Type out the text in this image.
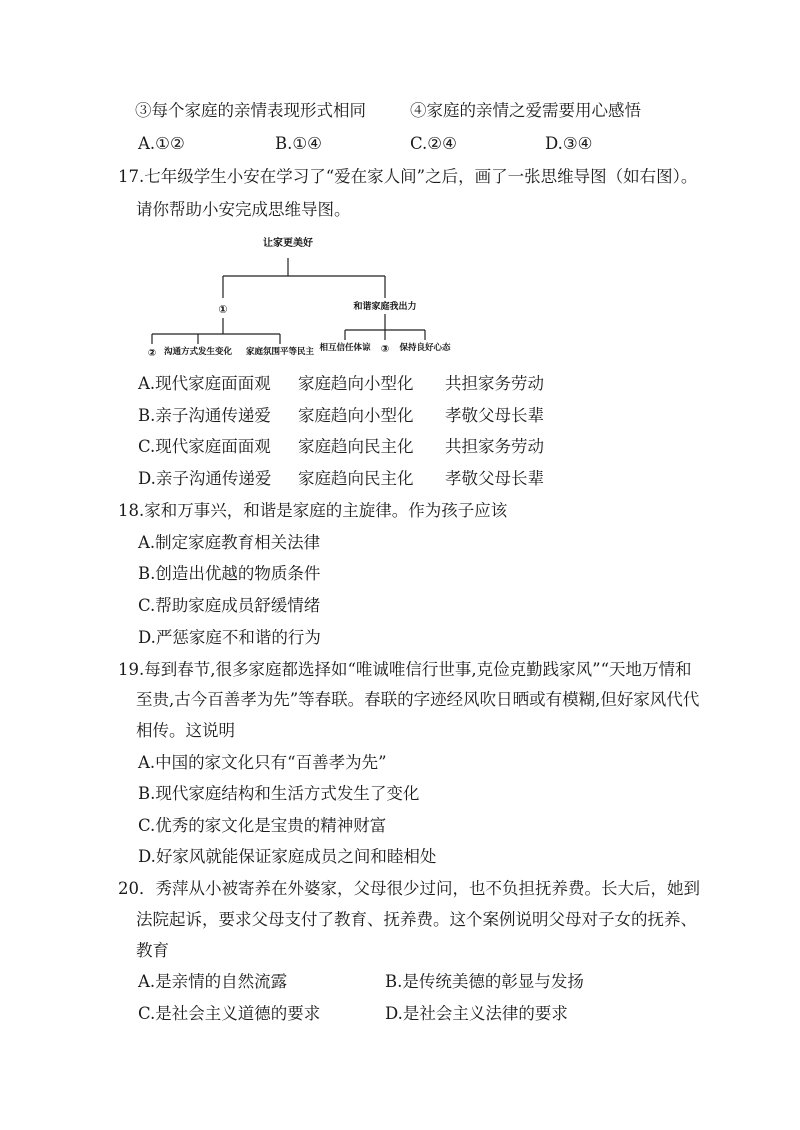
③每个家庭的亲情表现形式相同	④家庭的亲情之爱需要用心感悟
A.①②	B.①④	C.②④	D.③④
17.七年级学生小安在学习了“爱在家人间”之后，画了一张思维导图（如右图）。
请你帮助小安完成思维导图。
让家更美好
①	和谐家庭我出力
② 沟通方式发生变化 家庭氛围平等民主 相互信任体谅 ③ 保持良好心态
A.现代家庭面面观 家庭趋向小型化 共担家务劳动
B.亲子沟通传递爱 家庭趋向小型化 孝敬父母长辈
C.现代家庭面面观 家庭趋向民主化 共担家务劳动
D.亲子沟通传递爱 家庭趋向民主化 孝敬父母长辈
18.家和万事兴，和谐是家庭的主旋律。作为孩子应该
A.制定家庭教育相关法律
B.创造出优越的物质条件
C.帮助家庭成员舒缓情绪
D.严惩家庭不和谐的行为
19.每到春节,很多家庭都选择如“唯诚唯信行世事,克俭克勤践家风”“天地万情和
至贵,古今百善孝为先”等春联。春联的字迹经风吹日晒或有模糊,但好家风代代
相传。这说明
A.中国的家文化只有“百善孝为先”
B.现代家庭结构和生活方式发生了变化
C.优秀的家文化是宝贵的精神财富
D.好家风就能保证家庭成员之间和睦相处
20．秀萍从小被寄养在外婆家，父母很少过问，也不负担抚养费。长大后，她到
法院起诉，要求父母支付了教育、抚养费。这个案例说明父母对子女的抚养、
教育
A.是亲情的自然流露	B.是传统美德的彰显与发扬
C.是社会主义道德的要求	D.是社会主义法律的要求
